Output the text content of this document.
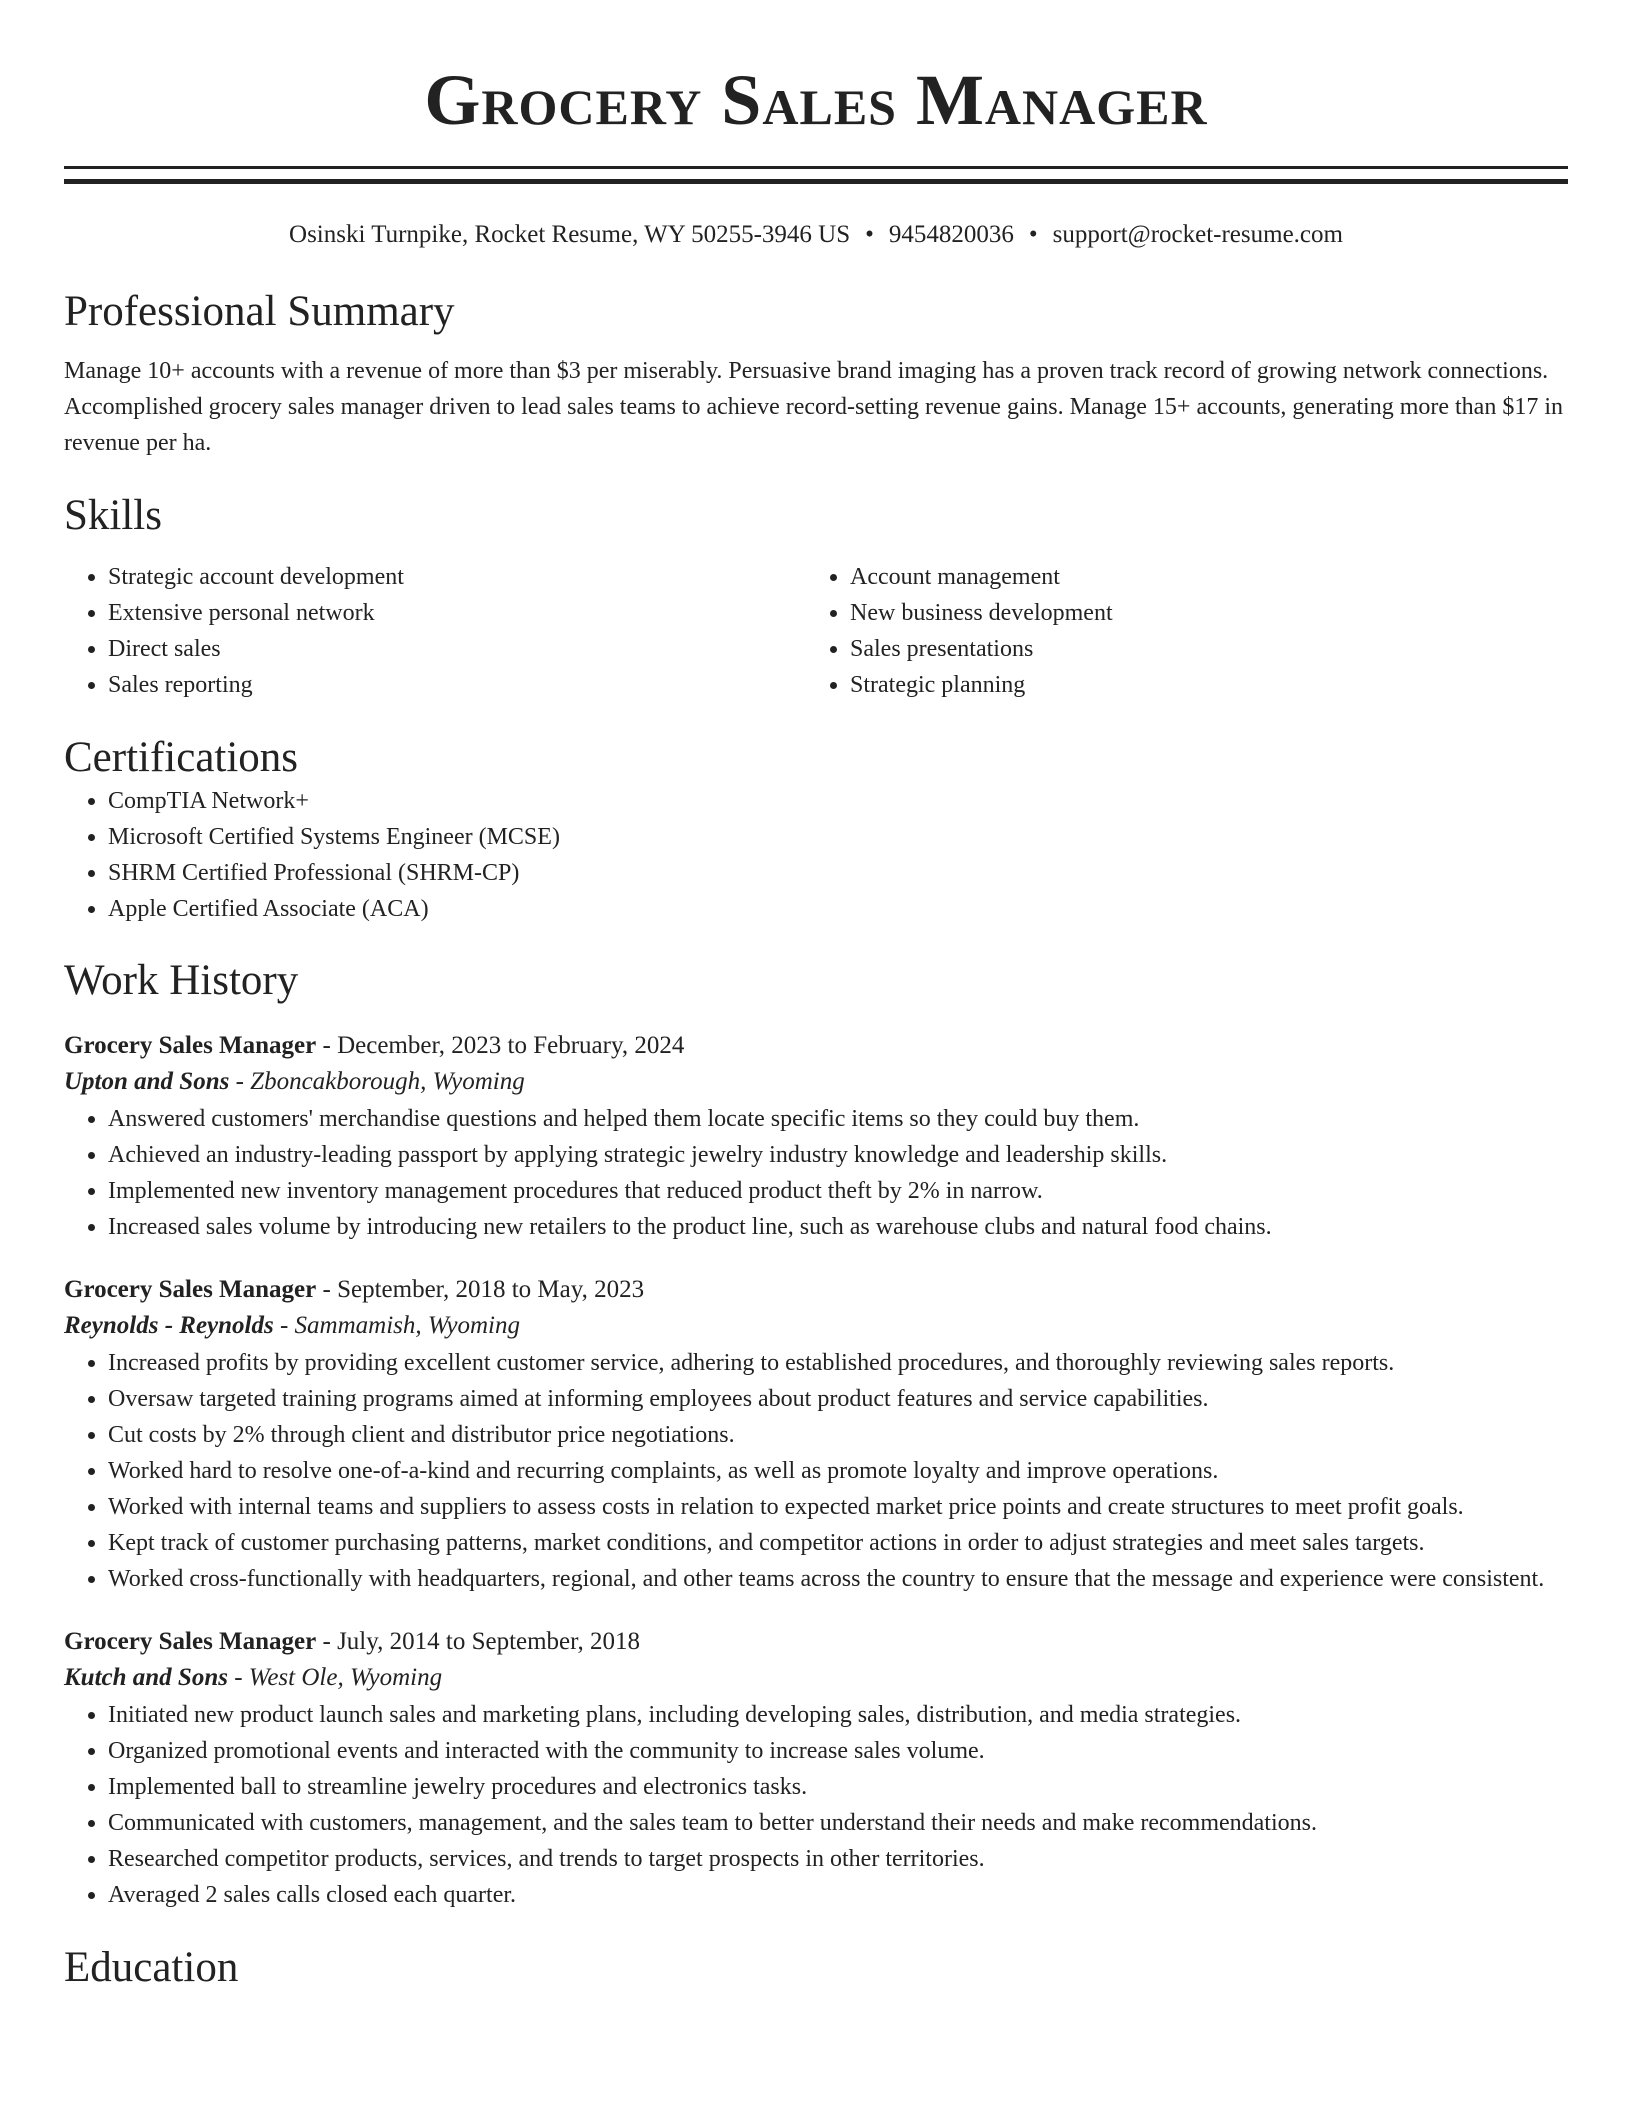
Grocery Sales Manager
Osinski Turnpike, Rocket Resume, WY 50255-3946 US • 9454820036 • support@rocket-resume.com
Professional Summary

Manage 10+ accounts with a revenue of more than $3 per miserably. Persuasive brand imaging has a proven track record of growing network connections. Accomplished grocery sales manager driven to lead sales teams to achieve record-setting revenue gains. Manage 15+ accounts, generating more than $17 in revenue per ha.

Skills
• Strategic account development
• Extensive personal network
• Direct sales
• Sales reporting
• Account management
• New business development
• Sales presentations
• Strategic planning
Certifications
• CompTIA Network+
• Microsoft Certified Systems Engineer (MCSE)
• SHRM Certified Professional (SHRM-CP)
• Apple Certified Associate (ACA)
Work History
Grocery Sales Manager - December, 2023 to February, 2024
Upton and Sons - Zboncakborough, Wyoming
• Answered customers' merchandise questions and helped them locate specific items so they could buy them.
• Achieved an industry-leading passport by applying strategic jewelry industry knowledge and leadership skills.
• Implemented new inventory management procedures that reduced product theft by 2% in narrow.
• Increased sales volume by introducing new retailers to the product line, such as warehouse clubs and natural food chains.
Grocery Sales Manager - September, 2018 to May, 2023
Reynolds - Reynolds - Sammamish, Wyoming
• Increased profits by providing excellent customer service, adhering to established procedures, and thoroughly reviewing sales reports.
• Oversaw targeted training programs aimed at informing employees about product features and service capabilities.
• Cut costs by 2% through client and distributor price negotiations.
• Worked hard to resolve one-of-a-kind and recurring complaints, as well as promote loyalty and improve operations.
• Worked with internal teams and suppliers to assess costs in relation to expected market price points and create structures to meet profit goals.
• Kept track of customer purchasing patterns, market conditions, and competitor actions in order to adjust strategies and meet sales targets.
• Worked cross-functionally with headquarters, regional, and other teams across the country to ensure that the message and experience were consistent.
Grocery Sales Manager - July, 2014 to September, 2018
Kutch and Sons - West Ole, Wyoming
• Initiated new product launch sales and marketing plans, including developing sales, distribution, and media strategies.
• Organized promotional events and interacted with the community to increase sales volume.
• Implemented ball to streamline jewelry procedures and electronics tasks.
• Communicated with customers, management, and the sales team to better understand their needs and make recommendations.
• Researched competitor products, services, and trends to target prospects in other territories.
• Averaged 2 sales calls closed each quarter.
Education
